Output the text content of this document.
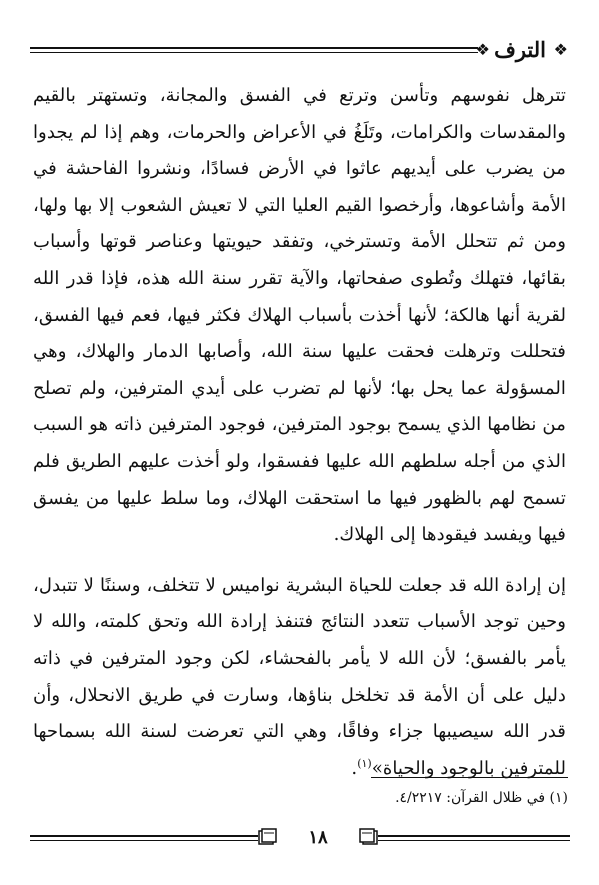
❖
الترف
❖

تترهل نفوسهم وتأسن وترتع في الفسق والمجانة، وتستهتر بالقيم والمقدسات والكرامات، وتَلَغُ في الأعراض والحرمات، وهم إذا لم يجدوا من يضرب على أيديهم عاثوا في الأرض فسادًا، ونشروا الفاحشة في الأمة وأشاعوها، وأرخصوا القيم العليا التي لا تعيش الشعوب إلا بها ولها، ومن ثم تتحلل الأمة وتسترخي، وتفقد حيويتها وعناصر قوتها وأسباب بقائها، فتهلك وتُطوى صفحاتها، والآية تقرر سنة الله هذه، فإذا قدر الله لقرية أنها هالكة؛ لأنها أخذت بأسباب الهلاك فكثر فيها، فعم فيها الفسق، فتحللت وترهلت فحقت عليها سنة الله، وأصابها الدمار والهلاك، وهي المسؤولة عما يحل بها؛ لأنها لم تضرب على أيدي المترفين، ولم تصلح من نظامها الذي يسمح بوجود المترفين، فوجود المترفين ذاته هو السبب الذي من أجله سلطهم الله عليها ففسقوا، ولو أخذت عليهم الطريق فلم تسمح لهم بالظهور فيها ما استحقت الهلاك، وما سلط عليها من يفسق فيها ويفسد فيقودها إلى الهلاك.

إن إرادة الله قد جعلت للحياة البشرية نواميس لا تتخلف، وسننًا لا تتبدل، وحين توجد الأسباب تتعدد النتائج فتنفذ إرادة الله وتحق كلمته، والله لا يأمر بالفسق؛ لأن الله لا يأمر بالفحشاء، لكن وجود المترفين في ذاته دليل على أن الأمة قد تخلخل بناؤها، وسارت في طريق الانحلال، وأن قدر الله سيصيبها جزاء وفاقًا، وهي التي تعرضت لسنة الله بسماحها للمترفين بالوجود والحياة»$^{(١)}$.

(١) في ظلال القرآن: ٤/٢٢١٧.
١٨
